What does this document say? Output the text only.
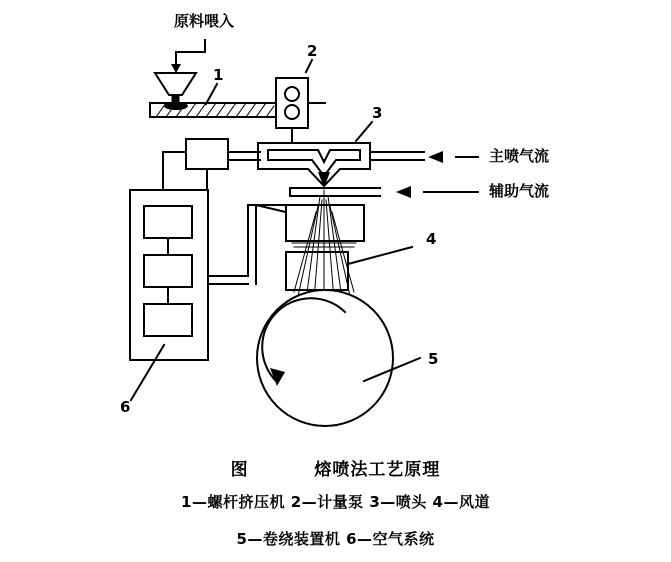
原料喂入
主喷气流
辅助气流
1
2
3
4
5
6
图	熔喷法工艺原理
1—螺杆挤压机 2—计量泵 3—喷头 4—风道
5—卷绕装置机 6—空气系统
